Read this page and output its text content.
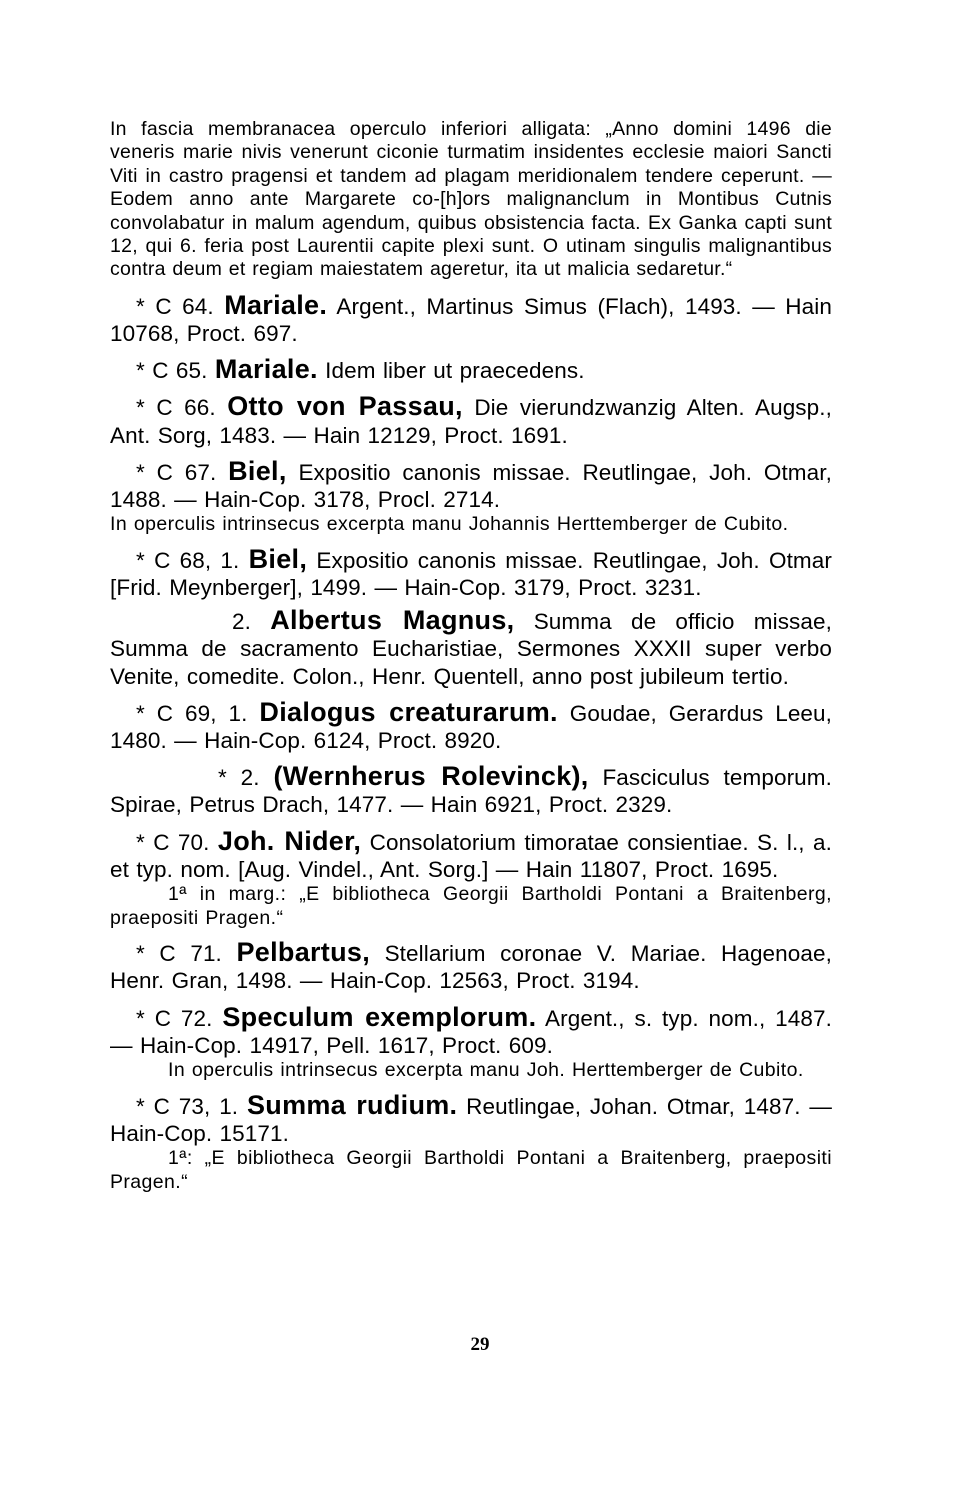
In fascia membranacea operculo inferiori alligata: „Anno domini 1496 die veneris marie nivis venerunt ciconie turmatim insidentes ecclesie maiori Sancti Viti in castro pragensi et tandem ad plagam meridionalem tendere ceperunt. — Eodem anno ante Margarete co-[h]ors malignanclum in Montibus Cutnis convolabatur in malum agendum, quibus obsistencia facta. Ex Ganka capti sunt 12, qui 6. feria post Laurentii capite plexi sunt. O utinam singulis malignantibus contra deum et regiam maiestatem ageretur, ita ut malicia sedaretur.“

* C 64. Mariale. Argent., Martinus Simus (Flach), 1493. — Hain 10768, Proct. 697.

* C 65. Mariale. Idem liber ut praecedens.

* C 66. Otto von Passau, Die vierundzwanzig Alten. Augsp., Ant. Sorg, 1483. — Hain 12129, Proct. 1691.

* C 67. Biel, Expositio canonis missae. Reutlingae, Joh. Otmar, 1488. — Hain-Cop. 3178, Procl. 2714.

In operculis intrinsecus excerpta manu Johannis Herttemberger de Cubito.

* C 68, 1. Biel, Expositio canonis missae. Reutlingae, Joh. Otmar [Frid. Meynberger], 1499. — Hain-Cop. 3179, Proct. 3231.

2. Albertus Magnus, Summa de officio missae, Summa de sacramento Eucharistiae, Sermones XXXII super verbo Venite, comedite. Colon., Henr. Quentell, anno post jubileum tertio.

* C 69, 1. Dialogus creaturarum. Goudae, Gerardus Leeu, 1480. — Hain-Cop. 6124, Proct. 8920.

* 2. (Wernherus Rolevinck), Fasciculus temporum. Spirae, Petrus Drach, 1477. — Hain 6921, Proct. 2329.

* C 70. Joh. Nider, Consolatorium timoratae consientiae. S. l., a. et typ. nom. [Aug. Vindel., Ant. Sorg.] — Hain 11807, Proct. 1695.

1ª in marg.: „E bibliotheca Georgii Bartholdi Pontani a Braitenberg, praepositi Pragen.“

* C 71. Pelbartus, Stellarium coronae V. Mariae. Hagenoae, Henr. Gran, 1498. — Hain-Cop. 12563, Proct. 3194.

* C 72. Speculum exemplorum. Argent., s. typ. nom., 1487. — Hain-Cop. 14917, Pell. 1617, Proct. 609.

In operculis intrinsecus excerpta manu Joh. Herttemberger de Cubito.

* C 73, 1. Summa rudium. Reutlingae, Johan. Otmar, 1487. — Hain-Cop. 15171.

1ª: „E bibliotheca Georgii Bartholdi Pontani a Braitenberg, praepositi Pragen.“

29
